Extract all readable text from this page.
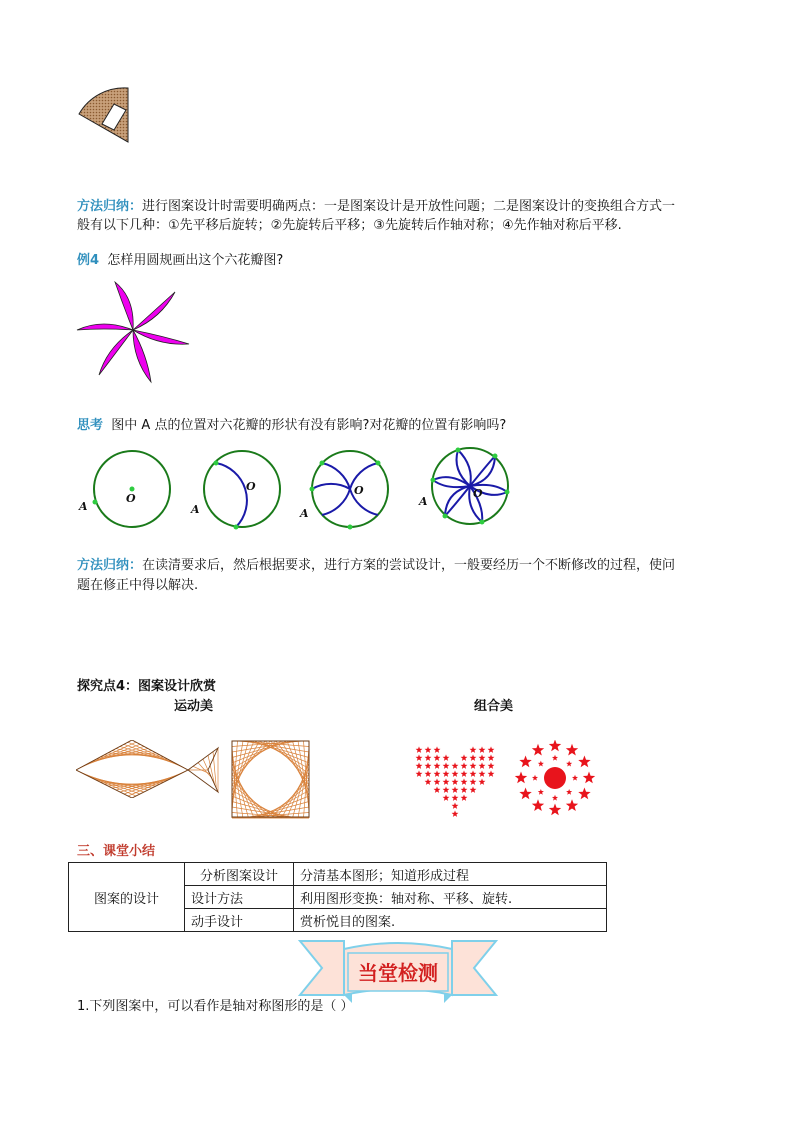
方法归纳：进行图案设计时需要明确两点：一是图案设计是开放性问题；二是图案设计的变换组合方式一
般有以下几种：①先平移后旋转；②先旋转后平移；③先旋转后作轴对称；④先作轴对称后平移.
例4 怎样用圆规画出这个六花瓣图?
思考 图中 A 点的位置对六花瓣的形状有没有影响?对花瓣的位置有影响吗?
A
O
A
O
A
O
A
O
方法归纳：在读清要求后，然后根据要求，进行方案的尝试设计，一般要经历一个不断修改的过程，使问
题在修正中得以解决.
探究点4：图案设计欣赏
运动美	组合美
三、课堂小结
图案的设计	分析图案设计	分清基本图形；知道形成过程
	设计方法	利用图形变换：轴对称、平移、旋转.
	动手设计	赏析悦目的图案.
当堂检测
1.下列图案中，可以看作是轴对称图形的是（ ）
